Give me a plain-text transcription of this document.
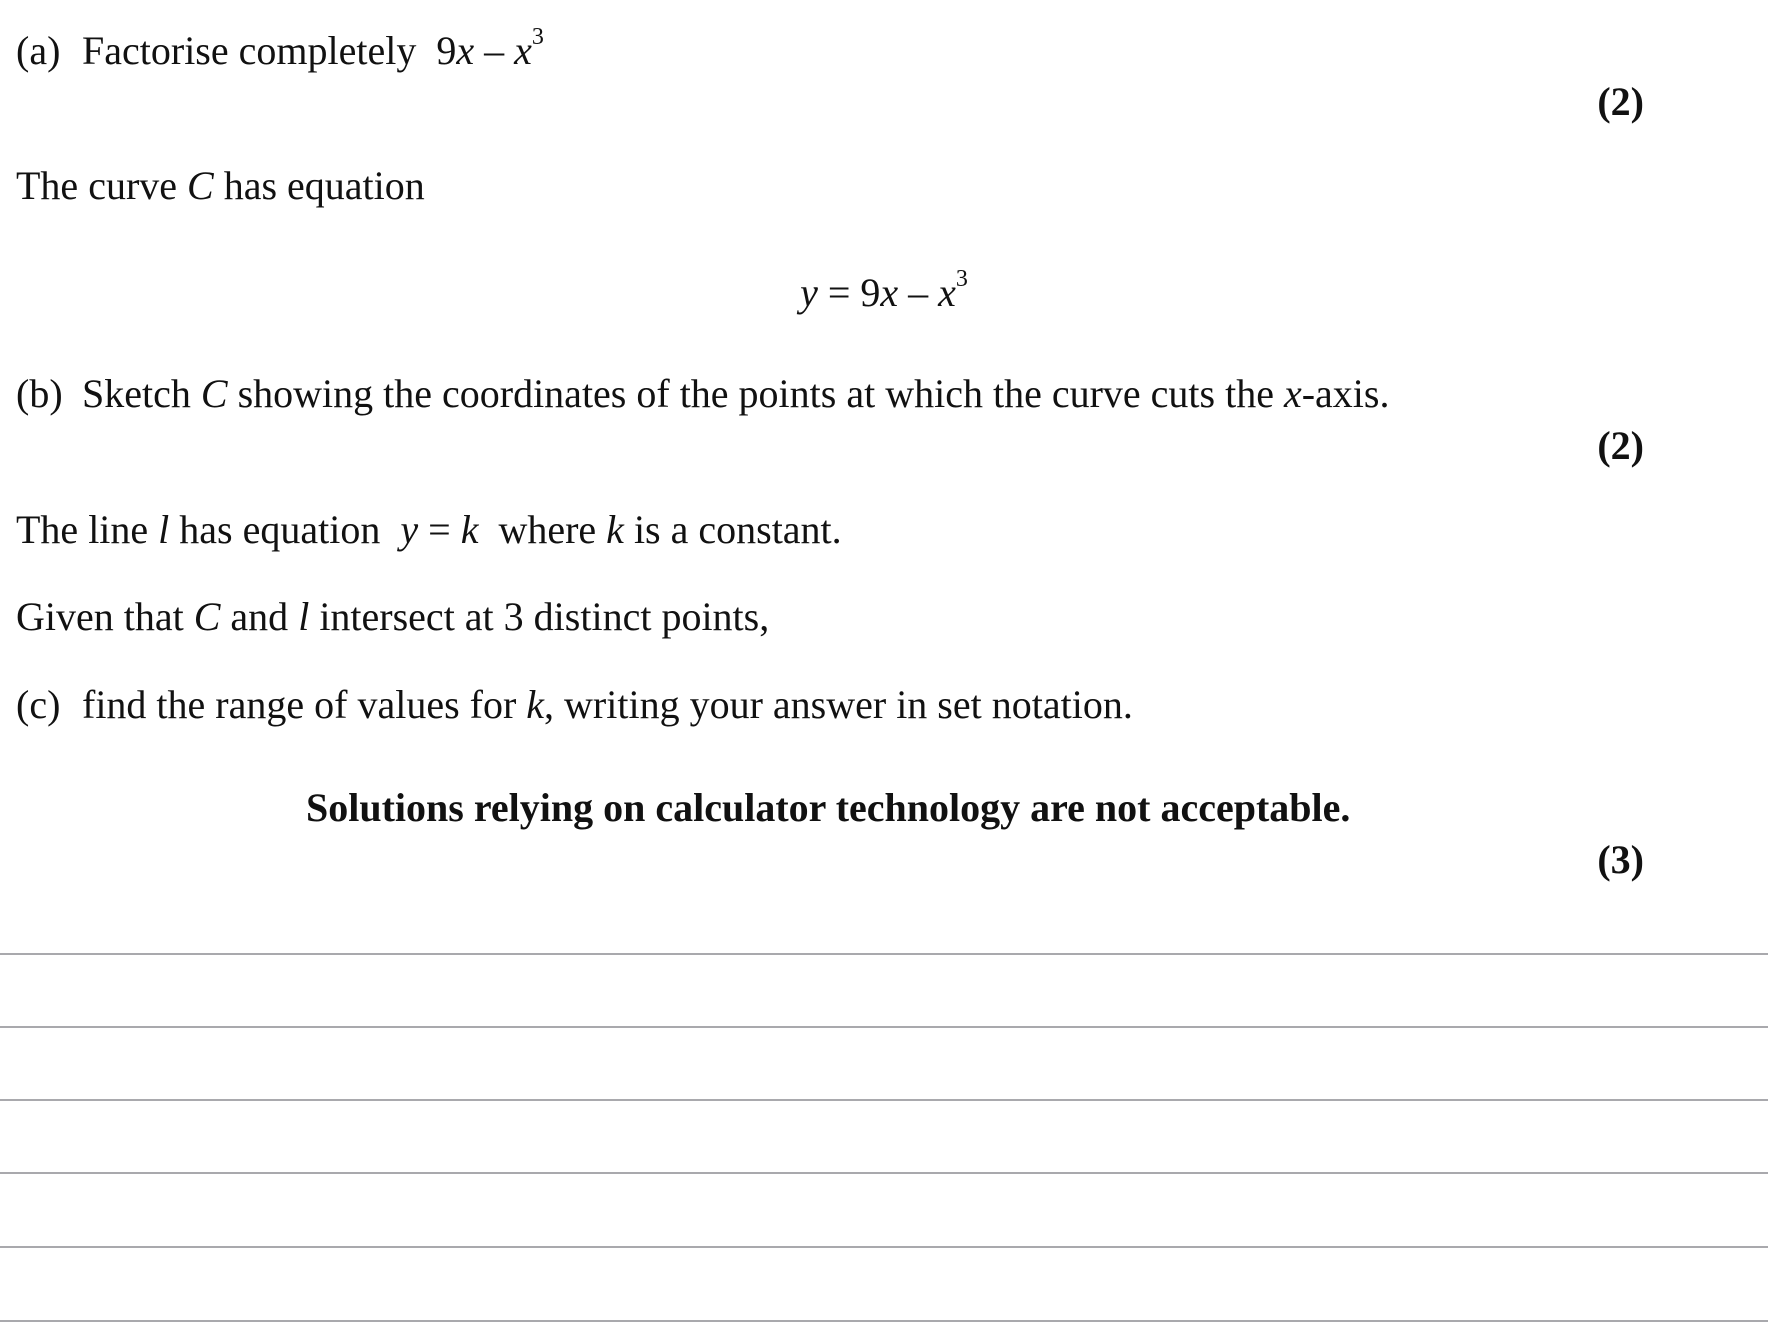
(a) Factorise completely $9x - x^3$
(2)
The curve C has equation
$y = 9x - x^3$
(b) Sketch C showing the coordinates of the points at which the curve cuts the x-axis.
(2)
The line l has equation  y = k  where k is a constant.
Given that C and l intersect at 3 distinct points,
(c) find the range of values for k, writing your answer in set notation.
Solutions relying on calculator technology are not acceptable.
(3)
